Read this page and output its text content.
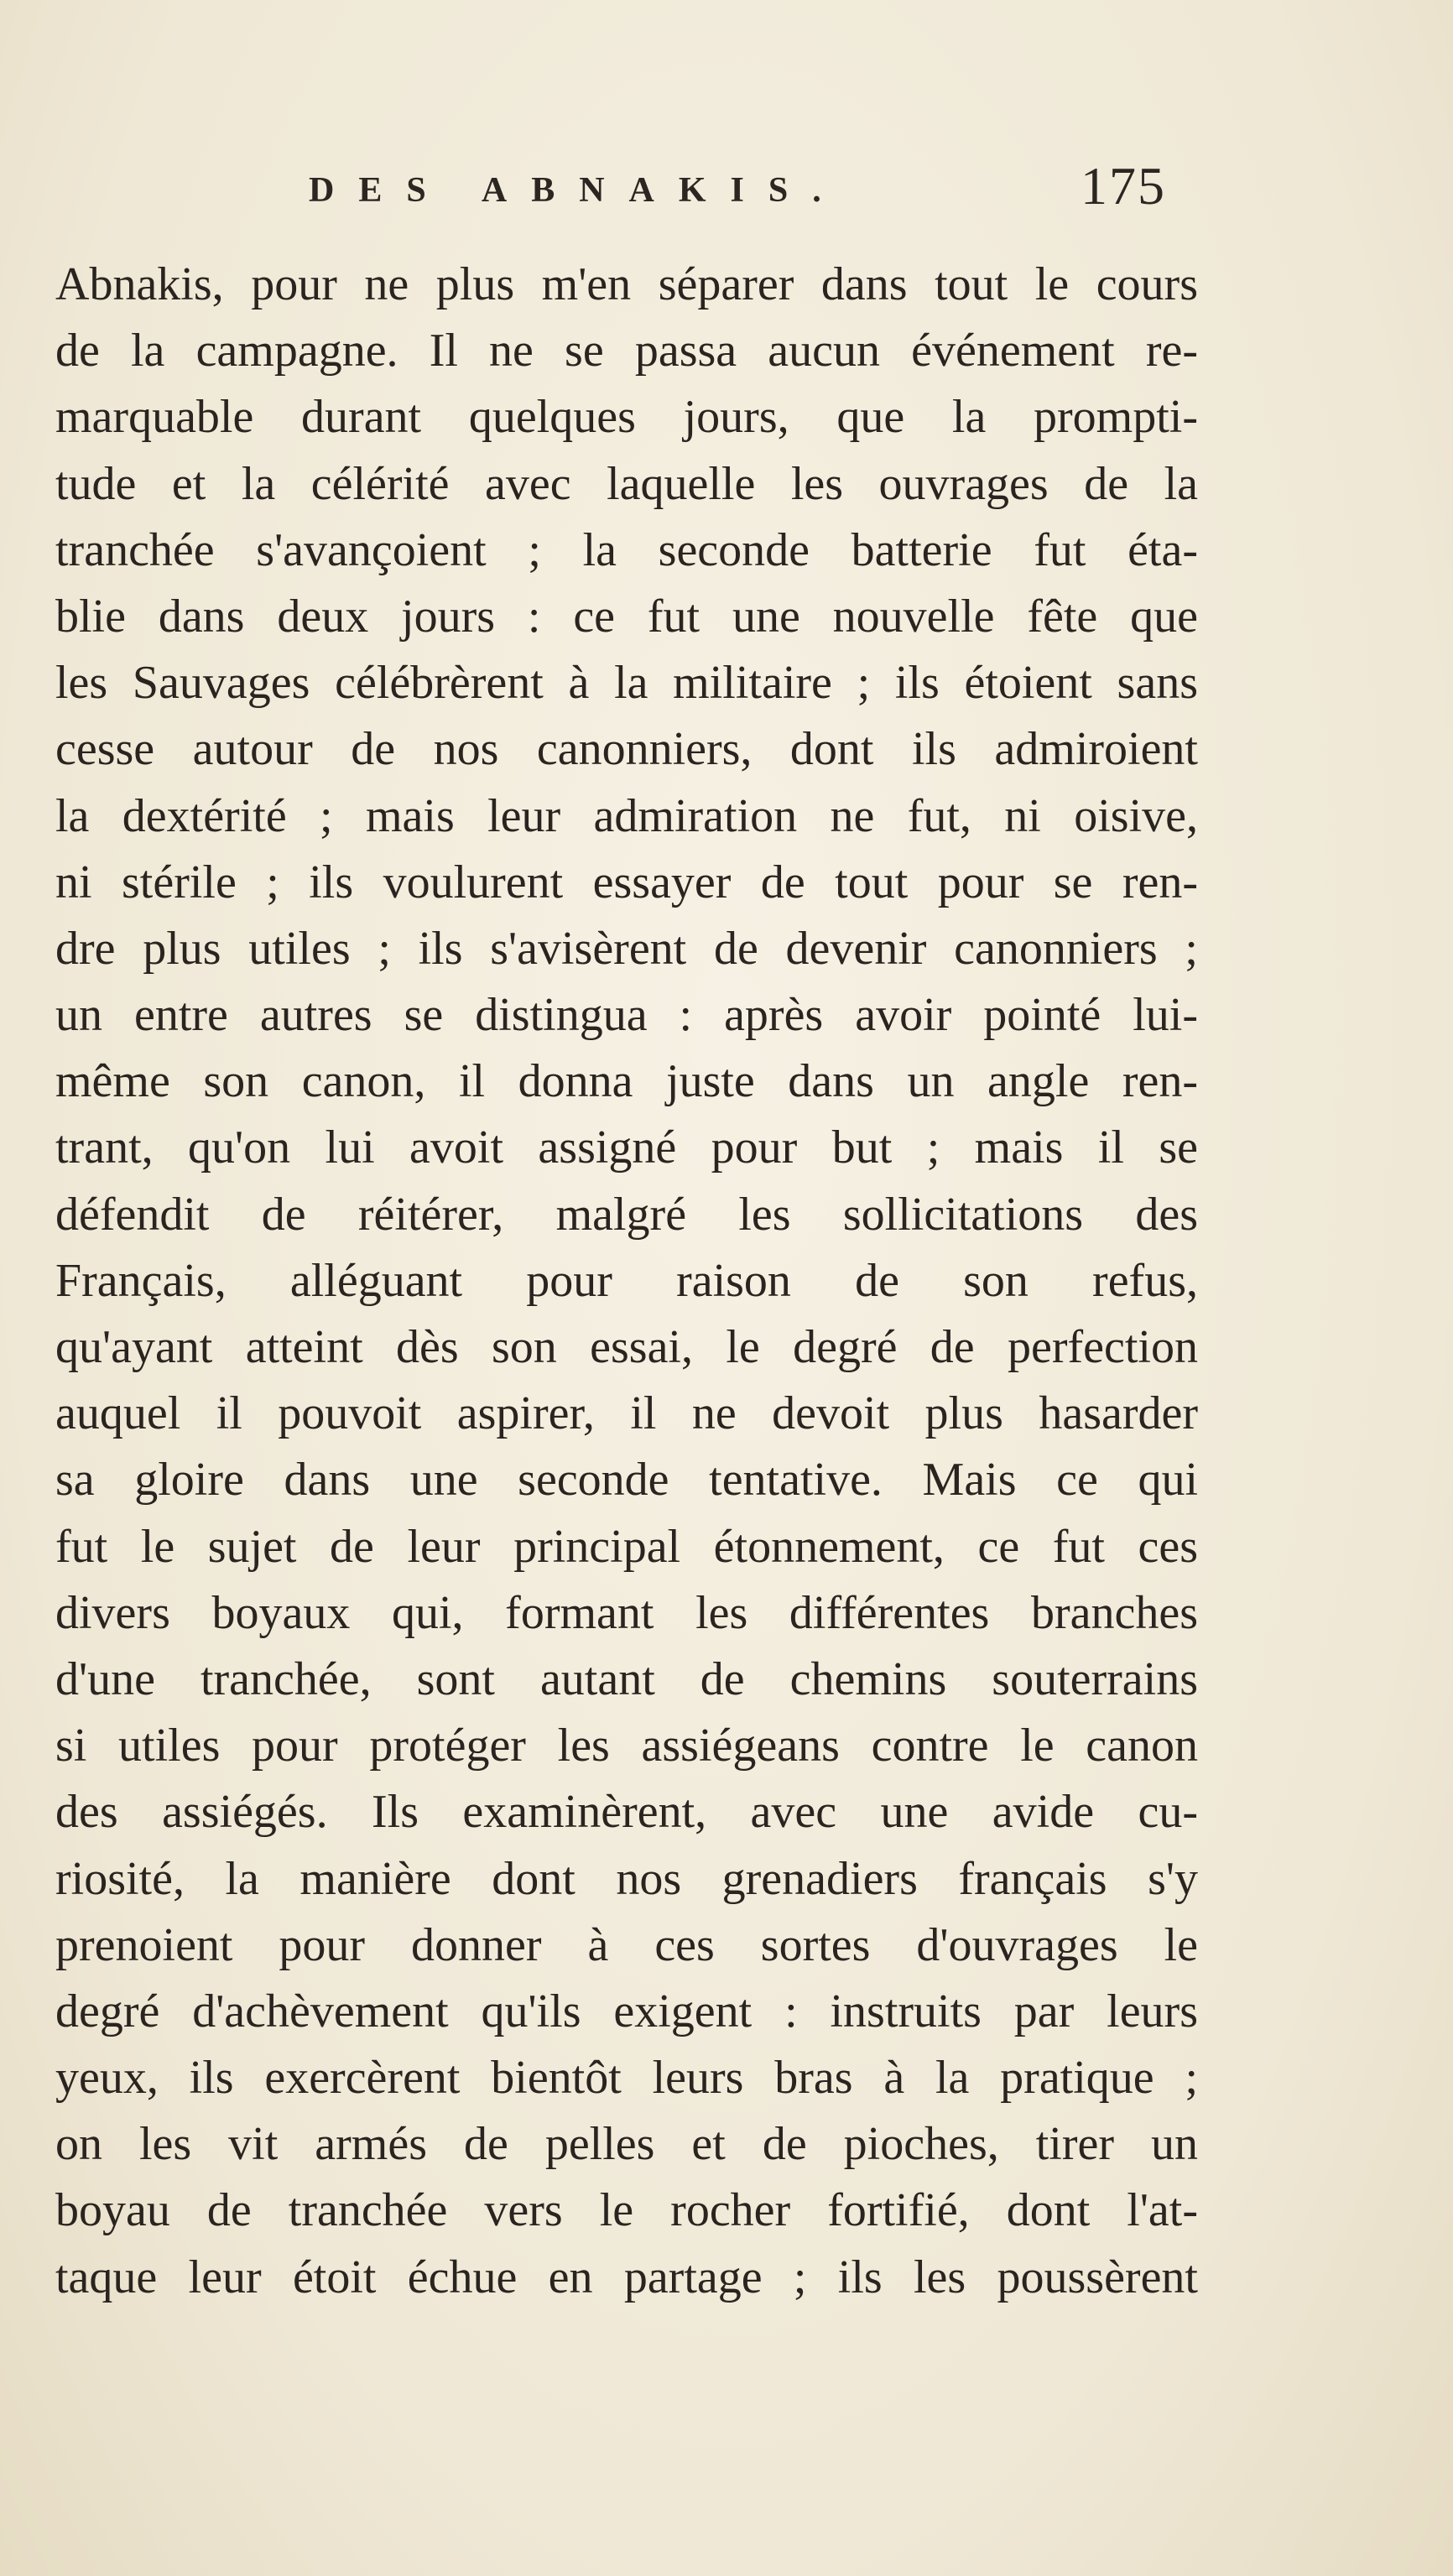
DES ABNAKIS.	175
Abnakis, pour ne plus m'en séparer dans tout le cours
de la campagne. Il ne se passa aucun événement re-
marquable durant quelques jours, que la prompti-
tude et la célérité avec laquelle les ouvrages de la
tranchée s'avançoient ; la seconde batterie fut éta-
blie dans deux jours : ce fut une nouvelle fête que
les Sauvages célébrèrent à la militaire ; ils étoient sans
cesse autour de nos canonniers, dont ils admiroient
la dextérité ; mais leur admiration ne fut, ni oisive,
ni stérile ; ils voulurent essayer de tout pour se ren-
dre plus utiles ; ils s'avisèrent de devenir canonniers ;
un entre autres se distingua : après avoir pointé lui-
même son canon, il donna juste dans un angle ren-
trant, qu'on lui avoit assigné pour but ; mais il se
défendit de réitérer, malgré les sollicitations des
Français, alléguant pour raison de son refus,
qu'ayant atteint dès son essai, le degré de perfection
auquel il pouvoit aspirer, il ne devoit plus hasarder
sa gloire dans une seconde tentative. Mais ce qui
fut le sujet de leur principal étonnement, ce fut ces
divers boyaux qui, formant les différentes branches
d'une tranchée, sont autant de chemins souterrains
si utiles pour protéger les assiégeans contre le canon
des assiégés. Ils examinèrent, avec une avide cu-
riosité, la manière dont nos grenadiers français s'y
prenoient pour donner à ces sortes d'ouvrages le
degré d'achèvement qu'ils exigent : instruits par leurs
yeux, ils exercèrent bientôt leurs bras à la pratique ;
on les vit armés de pelles et de pioches, tirer un
boyau de tranchée vers le rocher fortifié, dont l'at-
taque leur étoit échue en partage ; ils les poussèrent
